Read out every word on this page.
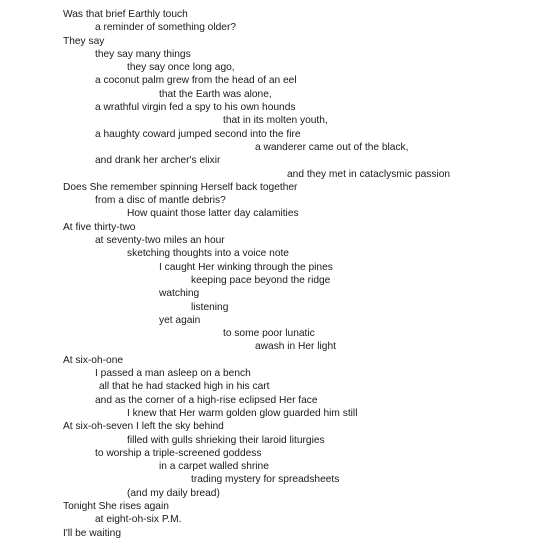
Was that brief Earthly touch
a reminder of something older?
They say
they say many things
they say once long ago,
a coconut palm grew from the head of an eel
that the Earth was alone,
a wrathful virgin fed a spy to his own hounds
that in its molten youth,
a haughty coward jumped second into the fire
a wanderer came out of the black,
and drank her archer's elixir
and they met in cataclysmic passion
Does She remember spinning Herself back together
from a disc of mantle debris?
How quaint those latter day calamities
At five thirty-two
at seventy-two miles an hour
sketching thoughts into a voice note
I caught Her winking through the pines
keeping pace beyond the ridge
watching
listening
yet again
to some poor lunatic
awash in Her light
At six-oh-one
I passed a man asleep on a bench
all that he had stacked high in his cart
and as the corner of a high-rise eclipsed Her face
I knew that Her warm golden glow guarded him still
At six-oh-seven I left the sky behind
filled with gulls shrieking their laroid liturgies
to worship a triple-screened goddess
in a carpet walled shrine
trading mystery for spreadsheets
(and my daily bread)
Tonight She rises again
at eight-oh-six P.M.
I'll be waiting
